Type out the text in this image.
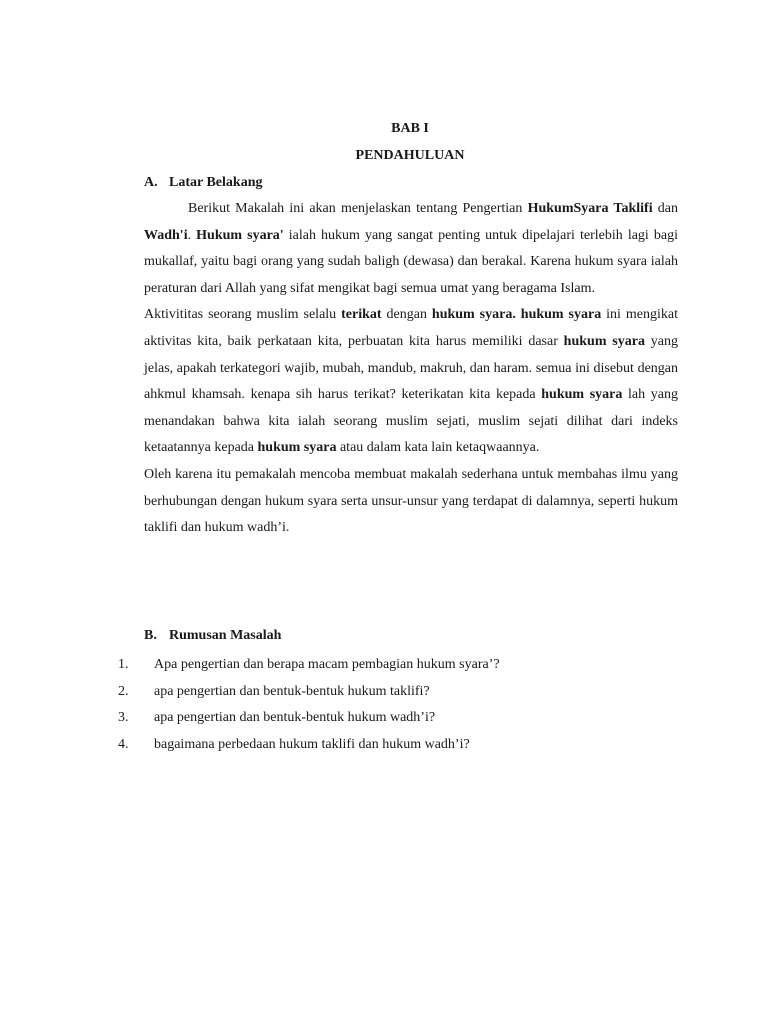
BAB I
PENDAHULUAN
A. Latar Belakang

Berikut Makalah ini akan menjelaskan tentang Pengertian HukumSyara Taklifi dan Wadh'i. Hukum syara' ialah hukum yang sangat penting untuk dipelajari terlebih lagi bagi mukallaf, yaitu bagi orang yang sudah baligh (dewasa) dan berakal. Karena hukum syara ialah peraturan dari Allah yang sifat mengikat bagi semua umat yang beragama Islam.

Aktivititas seorang muslim selalu terikat dengan hukum syara. hukum syara ini mengikat aktivitas kita, baik perkataan kita, perbuatan kita harus memiliki dasar hukum syara yang jelas, apakah terkategori wajib, mubah, mandub, makruh, dan haram. semua ini disebut dengan ahkmul khamsah. kenapa sih harus terikat? keterikatan kita kepada hukum syara lah yang menandakan bahwa kita ialah seorang muslim sejati, muslim sejati dilihat dari indeks ketaatannya kepada hukum syara atau dalam kata lain ketaqwaannya.

Oleh karena itu pemakalah mencoba membuat makalah sederhana untuk membahas ilmu yang berhubungan dengan hukum syara serta unsur-unsur yang terdapat di dalamnya, seperti hukum taklifi dan hukum wadh’i.

B. Rumusan Masalah
1. Apa pengertian dan berapa macam pembagian hukum syara’?
2. apa pengertian dan bentuk-bentuk hukum taklifi?
3. apa pengertian dan bentuk-bentuk hukum wadh’i?
4. bagaimana perbedaan hukum taklifi dan hukum wadh’i?
